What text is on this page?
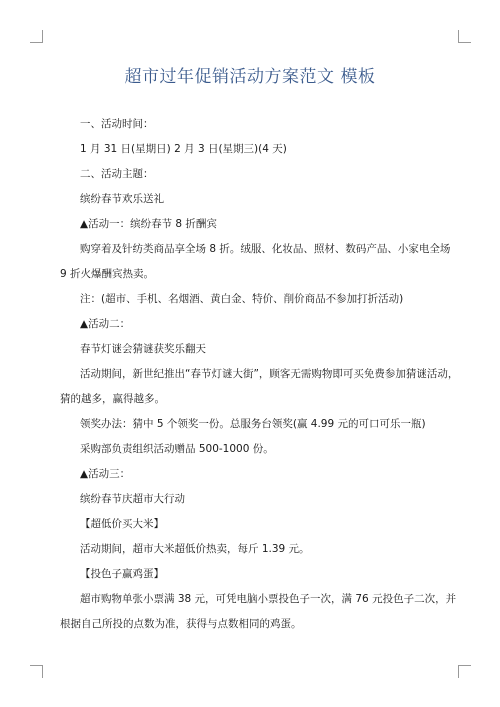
超市过年促销活动方案范文 模板

一、活动时间：

1 月 31 日(星期日) 2 月 3 日(星期三)(4 天)

二、活动主题：

缤纷春节欢乐送礼

▲活动一：缤纷春节 8 折酬宾

购穿着及针纺类商品享全场 8 折。绒服、化妆品、照材、数码产品、小家电全场

9 折火爆酬宾热卖。

注：(超市、手机、名烟酒、黄白金、特价、削价商品不参加打折活动)

▲活动二：

春节灯谜会猜谜获奖乐翻天

活动期间，新世纪推出“春节灯谜大街”，顾客无需购物即可买免费参加猜谜活动，

猜的越多，赢得越多。

领奖办法：猜中 5 个领奖一份。总服务台领奖(赢 4.99 元的可口可乐一瓶)

采购部负责组织活动赠品 500-1000 份。

▲活动三：

缤纷春节庆超市大行动

【超低价买大米】

活动期间，超市大米超低价热卖，每斤 1.39 元。

【投色子赢鸡蛋】

超市购物单张小票满 38 元，可凭电脑小票投色子一次，满 76 元投色子二次，并

根据自己所投的点数为准，获得与点数相同的鸡蛋。
